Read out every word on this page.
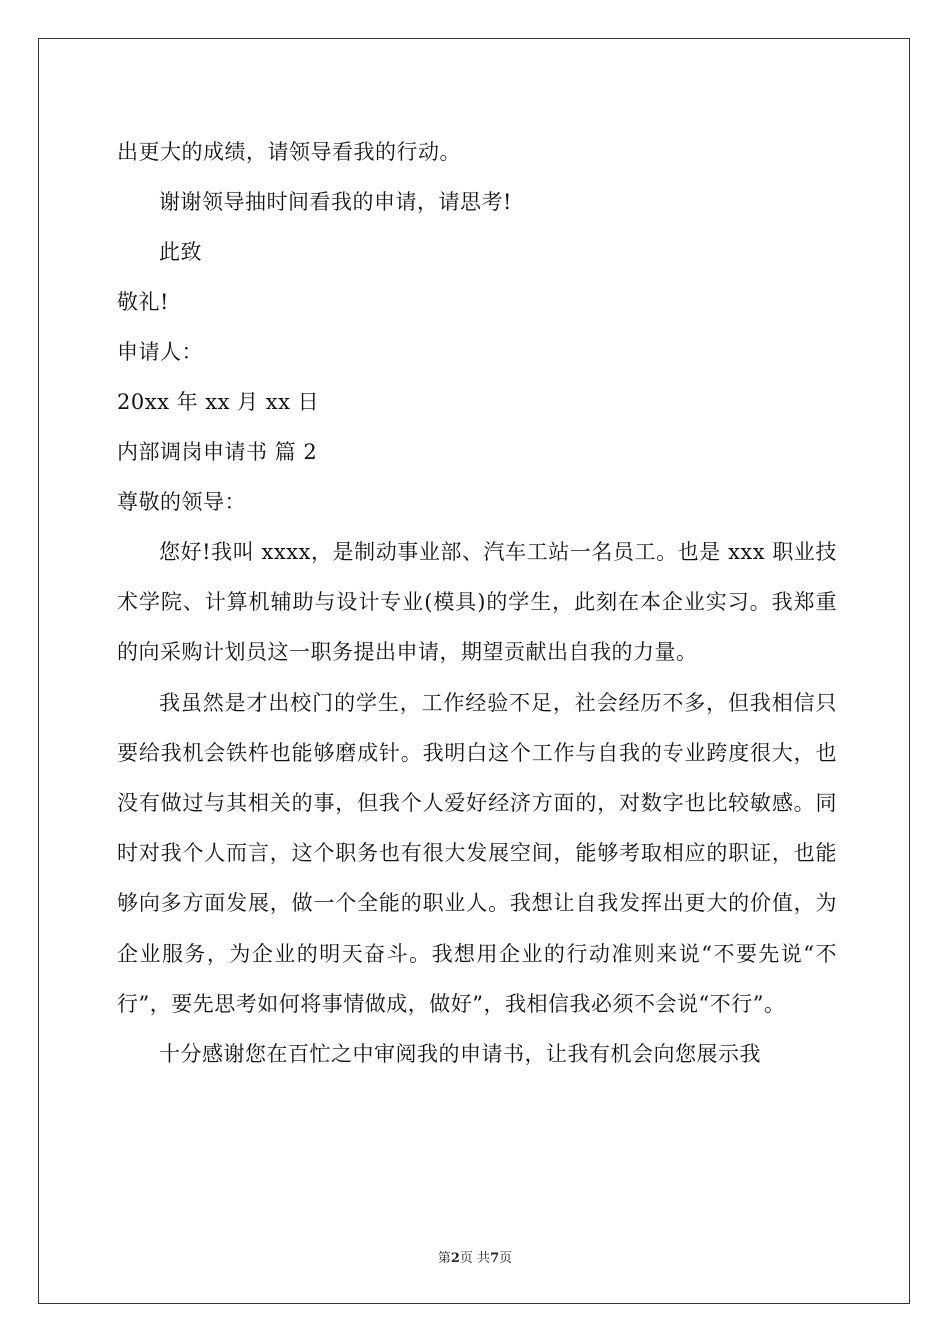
出更大的成绩，请领导看我的行动。
谢谢领导抽时间看我的申请，请思考!
此致
敬礼!
申请人：
20xx 年 xx 月 xx 日
内部调岗申请书 篇 2
尊敬的领导：

您好!我叫 xxxx，是制动事业部、汽车工站一名员工。也是 xxx 职业技术学院、计算机辅助与设计专业(模具)的学生，此刻在本企业实习。我郑重的向采购计划员这一职务提出申请，期望贡献出自我的力量。

我虽然是才出校门的学生，工作经验不足，社会经历不多，但我相信只要给我机会铁杵也能够磨成针。我明白这个工作与自我的专业跨度很大，也没有做过与其相关的事，但我个人爱好经济方面的，对数字也比较敏感。同时对我个人而言，这个职务也有很大发展空间，能够考取相应的职证，也能够向多方面发展，做一个全能的职业人。我想让自我发挥出更大的价值，为企业服务，为企业的明天奋斗。我想用企业的行动准则来说“不要先说“不行”，要先思考如何将事情做成，做好”，我相信我必须不会说“不行”。

十分感谢您在百忙之中审阅我的申请书，让我有机会向您展示我

第2页 共7页
